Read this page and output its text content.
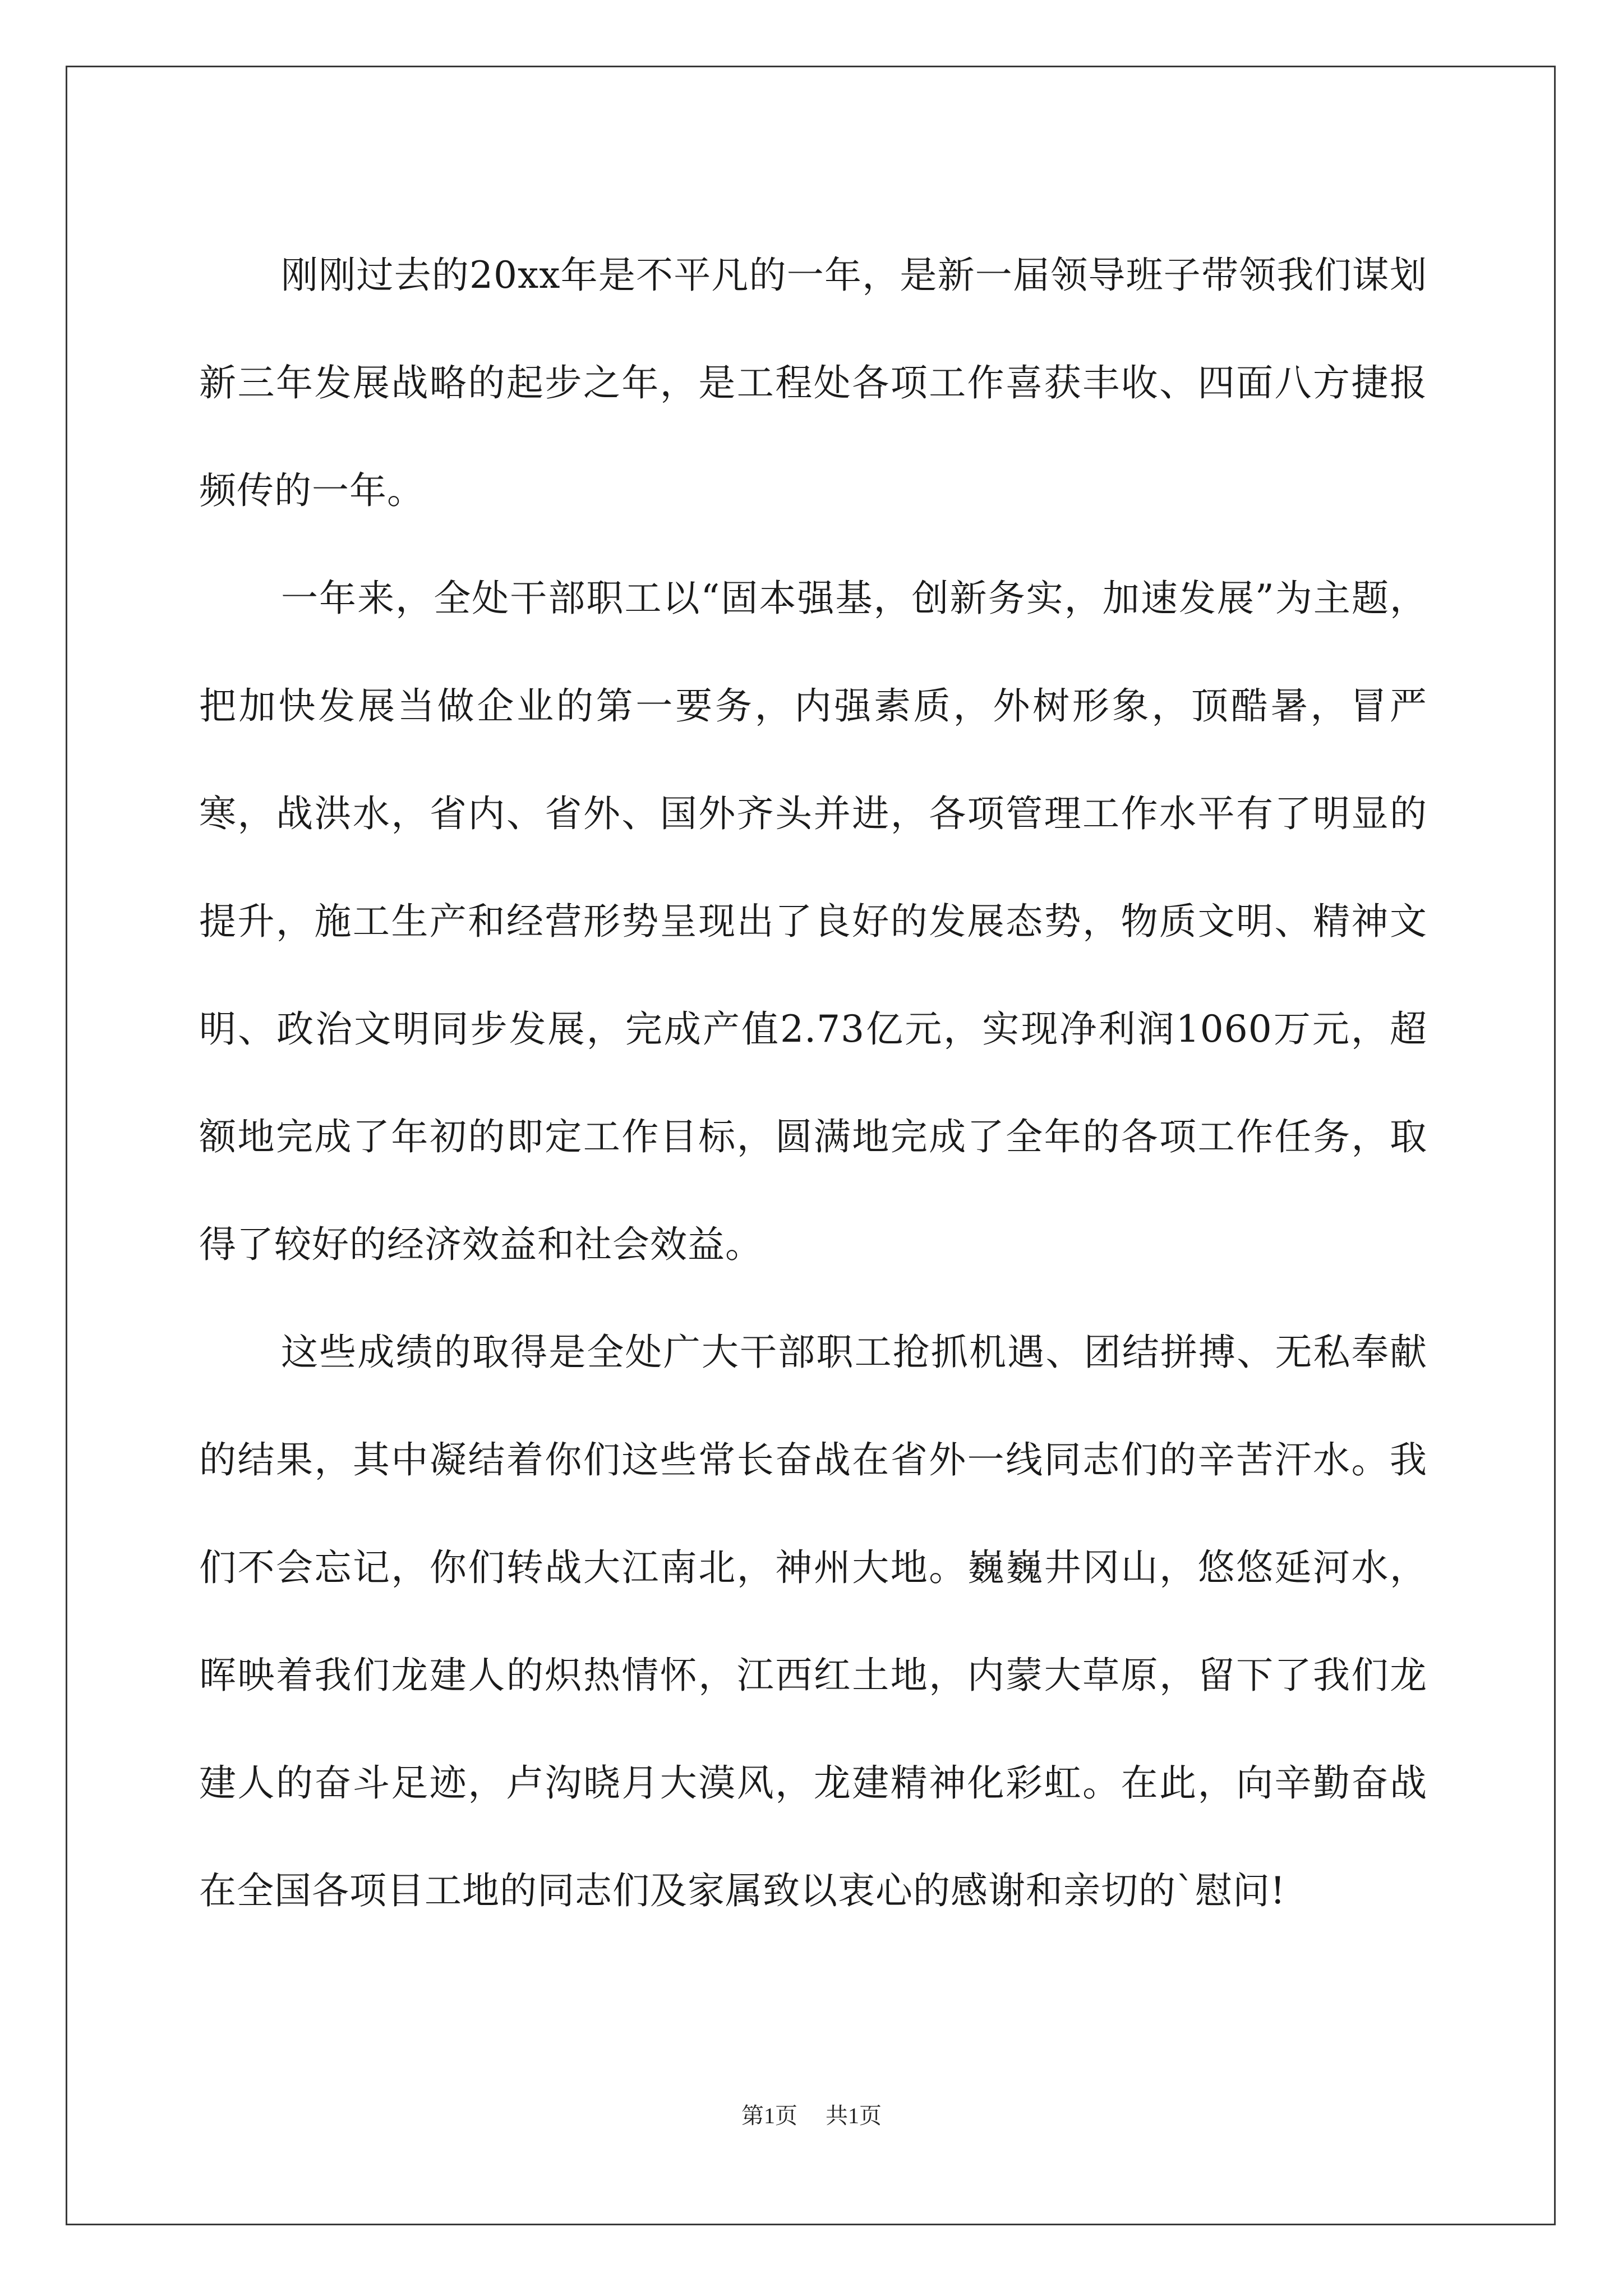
刚刚过去的20xx年是不平凡的一年，是新一届领导班子带领我们谋划新三年发展战略的起步之年，是工程处各项工作喜获丰收、四面八方捷报频传的一年。

一年来，全处干部职工以“固本强基，创新务实，加速发展”为主题，把加快发展当做企业的第一要务，内强素质，外树形象，顶酷暑，冒严寒，战洪水，省内、省外、国外齐头并进，各项管理工作水平有了明显的提升，施工生产和经营形势呈现出了良好的发展态势，物质文明、精神文明、政治文明同步发展，完成产值2.73亿元，实现净利润1060万元，超额地完成了年初的即定工作目标，圆满地完成了全年的各项工作任务，取得了较好的经济效益和社会效益。

这些成绩的取得是全处广大干部职工抢抓机遇、团结拼搏、无私奉献的结果，其中凝结着你们这些常长奋战在省外一线同志们的辛苦汗水。我们不会忘记，你们转战大江南北，神州大地。巍巍井冈山，悠悠延河水，晖映着我们龙建人的炽热情怀，江西红土地，内蒙大草原，留下了我们龙建人的奋斗足迹，卢沟晓月大漠风，龙建精神化彩虹。在此，向辛勤奋战在全国各项目工地的同志们及家属致以衷心的感谢和亲切的`慰问!

第1页 共1页
